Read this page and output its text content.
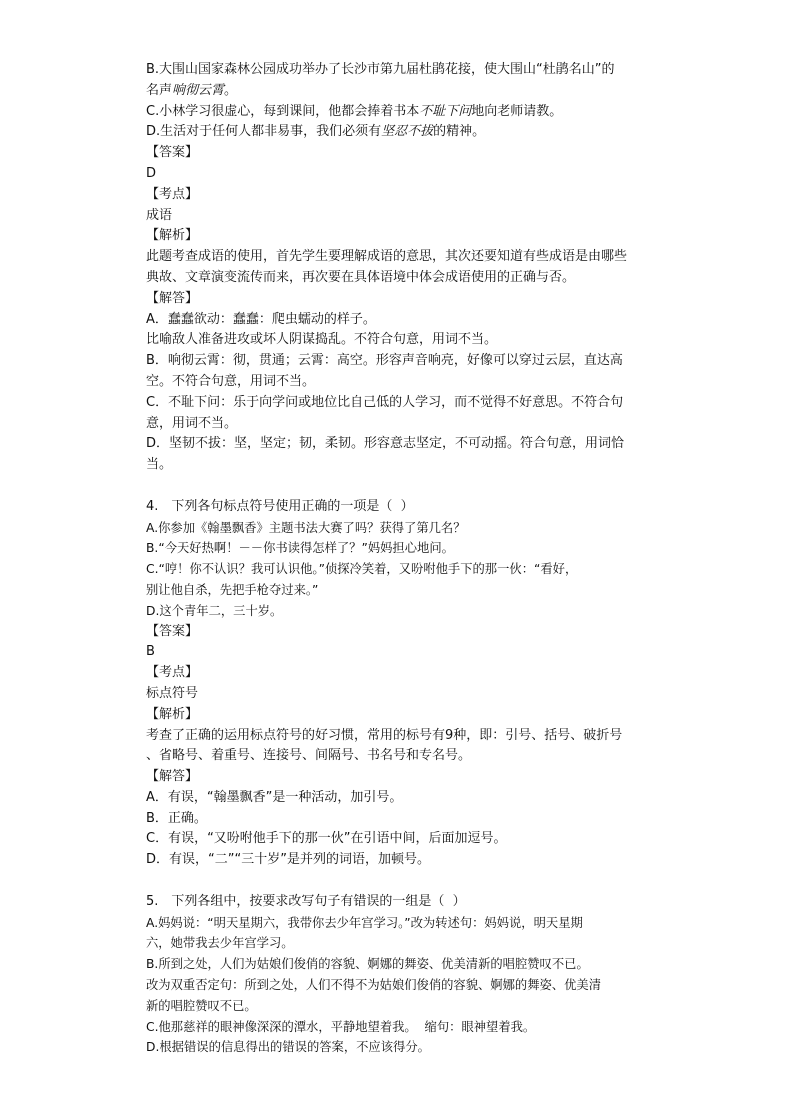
B.大围山国家森林公园成功举办了长沙市第九届杜鹃花接，使大围山“杜鹃名山”的

名声响彻云霄。

C.小林学习很虚心，每到课间，他都会捧着书本不耻下问地向老师请教。

D.生活对于任何人都非易事，我们必须有坚忍不拔的精神。

【答案】

D

【考点】

成语

【解析】

此题考查成语的使用，首先学生要理解成语的意思，其次还要知道有些成语是由哪些

典故、文章演变流传而来，再次要在具体语境中体会成语使用的正确与否。

【解答】

A．蠢蠢欲动：蠢蠢：爬虫蠕动的样子。

比喻敌人准备进攻或坏人阴谋捣乱。不符合句意，用词不当。

B．响彻云霄：彻，贯通；云霄：高空。形容声音响亮，好像可以穿过云层，直达高

空。不符合句意，用词不当。

C．不耻下问：乐于向学问或地位比自己低的人学习，而不觉得不好意思。不符合句

意，用词不当。

D．坚韧不拔：坚，坚定；韧，柔韧。形容意志坚定，不可动摇。符合句意，用词恰

当。

4.　下列各句标点符号使用正确的一项是（  ）

A.你参加《翰墨飘香》主题书法大赛了吗？获得了第几名？

B.“今天好热啊！－－你书读得怎样了？”妈妈担心地问。

C.“哼！你不认识？我可认识他。”侦探冷笑着，又吩咐他手下的那一伙：“看好，

别让他自杀，先把手枪夺过来。”

D.这个青年二，三十岁。

【答案】

B

【考点】

标点符号

【解析】

考查了正确的运用标点符号的好习惯，常用的标号有9种，即：引号、括号、破折号

、省略号、着重号、连接号、间隔号、书名号和专名号。

【解答】

A．有误，“翰墨飘香”是一种活动，加引号。

B．正确。

C．有误，“又吩咐他手下的那一伙”在引语中间，后面加逗号。

D．有误，“二”“三十岁”是并列的词语，加顿号。

5.　下列各组中，按要求改写句子有错误的一组是（  ）

A.妈妈说：“明天星期六，我带你去少年宫学习。”改为转述句：妈妈说，明天星期

六，她带我去少年宫学习。

B.所到之处，人们为姑娘们俊俏的容貌、婀娜的舞姿、优美清新的唱腔赞叹不已。

改为双重否定句：所到之处，人们不得不为姑娘们俊俏的容貌、婀娜的舞姿、优美清

新的唱腔赞叹不已。

C.他那慈祥的眼神像深深的潭水，平静地望着我。  缩句：眼神望着我。

D.根据错误的信息得出的错误的答案，不应该得分。
